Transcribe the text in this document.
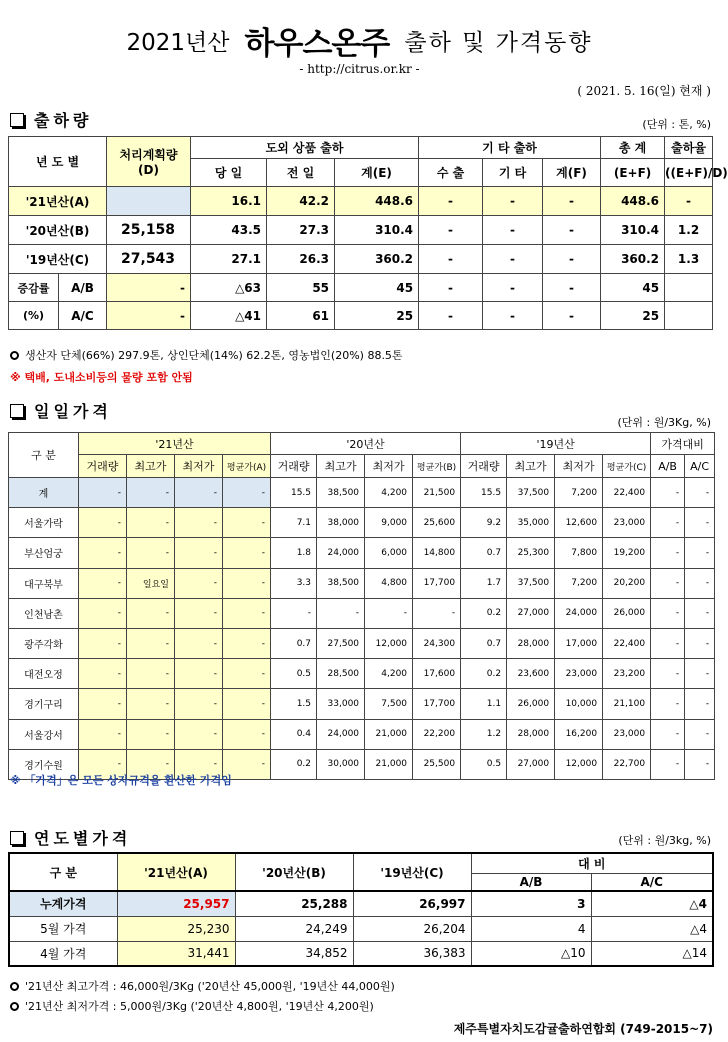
2021년산 하우스온주 출하 및 가격동향
- http://citrus.or.kr -
( 2021. 5. 16(일) 현재 )
출하량	(단위 : 톤, %)
년 도 별		처리계획량
(D)	도외 상품 출하			기 타 출하			총 계	출하율
			당 일	전 일	계(E)	수 출	기 타	계(F)	(E+F)	((E+F)/D)
'21년산(A)			16.1	42.2	448.6	-	-	-	448.6	-
'20년산(B)		25,158	43.5	27.3	310.4	-	-	-	310.4	1.2
'19년산(C)		27,543	27.1	26.3	360.2	-	-	-	360.2	1.3
증감률	A/B	-	△63	55	45	-	-	-	45	
(%)	A/C	-	△41	61	25	-	-	-	25	
생산자 단체(66%) 297.9톤, 상인단체(14%) 62.2톤, 영농법인(20%) 88.5톤
※ 택배, 도내소비등의 물량 포함 안됨
일일가격
(단위 : 원/3Kg, %)
구 분	'21년산				'20년산				'19년산				가격대비	
	거래량	최고가	최저가	평균가(A)	거래량	최고가	최저가	평균가(B)	거래량	최고가	최저가	평균가(C)	A/B	A/C
계	-	-	-	-	15.5	38,500	4,200	21,500	15.5	37,500	7,200	22,400	-	-
서울가락	-	-	-	-	7.1	38,000	9,000	25,600	9.2	35,000	12,600	23,000	-	-
부산엄궁	-	-	-	-	1.8	24,000	6,000	14,800	0.7	25,300	7,800	19,200	-	-
대구북부	-	일요일	-	-	3.3	38,500	4,800	17,700	1.7	37,500	7,200	20,200	-	-
인천남촌	-	-	-	-	-	-	-	-	0.2	27,000	24,000	26,000	-	-
광주각화	-	-	-	-	0.7	27,500	12,000	24,300	0.7	28,000	17,000	22,400	-	-
대전오정	-	-	-	-	0.5	28,500	4,200	17,600	0.2	23,600	23,000	23,200	-	-
경기구리	-	-	-	-	1.5	33,000	7,500	17,700	1.1	26,000	10,000	21,100	-	-
서울강서	-	-	-	-	0.4	24,000	21,000	22,200	1.2	28,000	16,200	23,000	-	-
경기수원	-	-	-	-	0.2	30,000	21,000	25,500	0.5	27,000	12,000	22,700	-	-
※ 「가격」은 모든 상자규격을 환산한 가격임
연도별가격	(단위 : 원/3kg, %)
구 분	'21년산(A)	'20년산(B)	'19년산(C)	대 비	
				A/B	A/C
누계가격	25,957	25,288	26,997	3	△4
5월 가격	25,230	24,249	26,204	4	△4
4월 가격	31,441	34,852	36,383	△10	△14
'21년산 최고가격 : 46,000원/3Kg ('20년산 45,000원, '19년산 44,000원)
'21년산 최저가격 : 5,000원/3Kg ('20년산 4,800원, '19년산 4,200원)
제주특별자치도감귤출하연합회 (749-2015~7)
